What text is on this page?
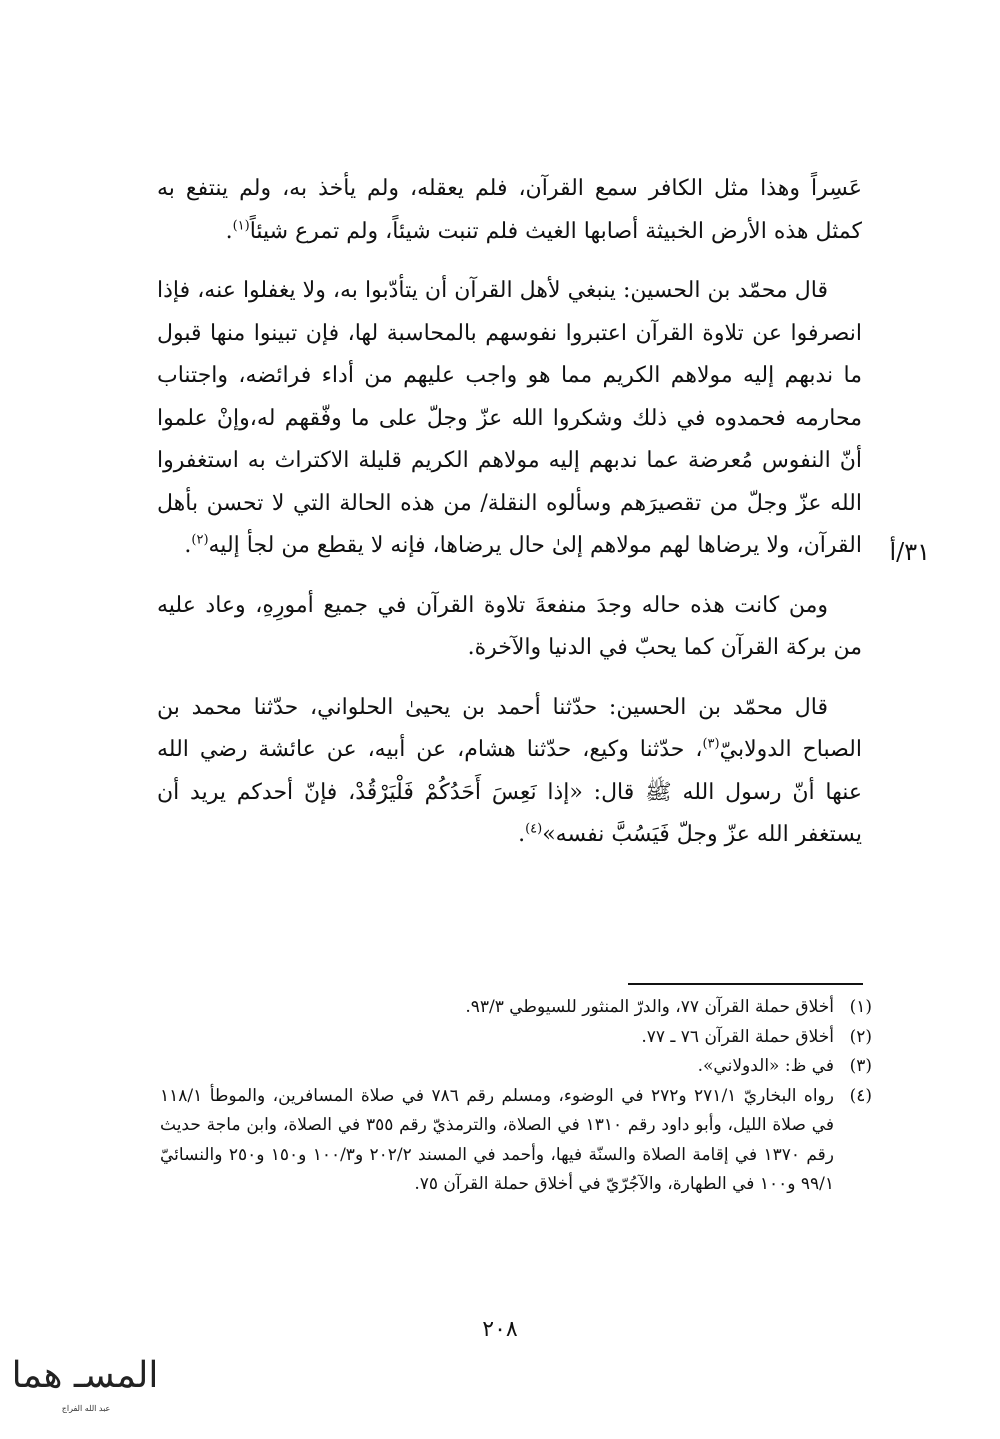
عَسِراً وهذا مثل الكافر سمع القرآن، فلم يعقله، ولم يأخذ به، ولم ينتفع به كمثل هذه الأرض الخبيثة أصابها الغيث فلم تنبت شيئاً، ولم تمرع شيئاً$^{(١)}$.

قال محمّد بن الحسين: ينبغي لأهل القرآن أن يتأدّبوا به، ولا يغفلوا عنه، فإذا انصرفوا عن تلاوة القرآن اعتبروا نفوسهم بالمحاسبة لها، فإن تبينوا منها قبول ما ندبهم إليه مولاهم الكريم مما هو واجب عليهم من أداء فرائضه، واجتناب محارمه فحمدوه في ذلك وشكروا الله عزّ وجلّ على ما وفّقهم له،وإنْ علموا أنّ النفوس مُعرضة عما ندبهم إليه مولاهم الكريم قليلة الاكتراث به استغفروا الله عزّ وجلّ من تقصيرَهم وسألوه النقلة/ من هذه الحالة التي لا تحسن بأهل القرآن، ولا يرضاها لهم مولاهم إلىٰ حال يرضاها، فإنه لا يقطع من لجأ إليه$^{(٢)}$.

ومن كانت هذه حاله وجدَ منفعةَ تلاوة القرآن في جميع أمورِهِ، وعاد عليه من بركة القرآن كما يحبّ في الدنيا والآخرة.

قال محمّد بن الحسين: حدّثنا أحمد بن يحيىٰ الحلواني، حدّثنا محمد بن الصباح الدولابيّ$^{(٣)}$، حدّثنا وكيع، حدّثنا هشام، عن أبيه، عن عائشة رضي الله عنها أنّ رسول الله ﷺ قال: «إذا نَعِسَ أَحَدُكُمْ فَلْيَرْقُدْ، فإنّ أحدكم يريد أن يستغفر الله عزّ وجلّ فَيَسُبَّ نفسه»$^{(٤)}$.

٣١/أ
(١)
أخلاق حملة القرآن ٧٧، والدرّ المنثور للسيوطي ٩٣/٣.
(٢)
أخلاق حملة القرآن ٧٦ ـ ٧٧.
(٣)
في ظ: «الدولاني».
(٤)
رواه البخاريّ ٢٧١/١ و٢٧٢ في الوضوء، ومسلم رقم ٧٨٦ في صلاة المسافرين، والموطأ ١١٨/١ في صلاة الليل، وأبو داود رقم ١٣١٠ في الصلاة، والترمذيّ رقم ٣٥٥ في الصلاة، وابن ماجة حديث رقم ١٣٧٠ في إقامة الصلاة والسنّة فيها، وأحمد في المسند ٢٠٢/٢ و١٠٠/٣ و١٥٠ و٢٥٠ والنسائيّ ٩٩/١ و١٠٠ في الطهارة، والآجُرّيّ في أخلاق حملة القرآن ٧٥.
٢٠٨
المسـ هما
عبد الله الفراج
